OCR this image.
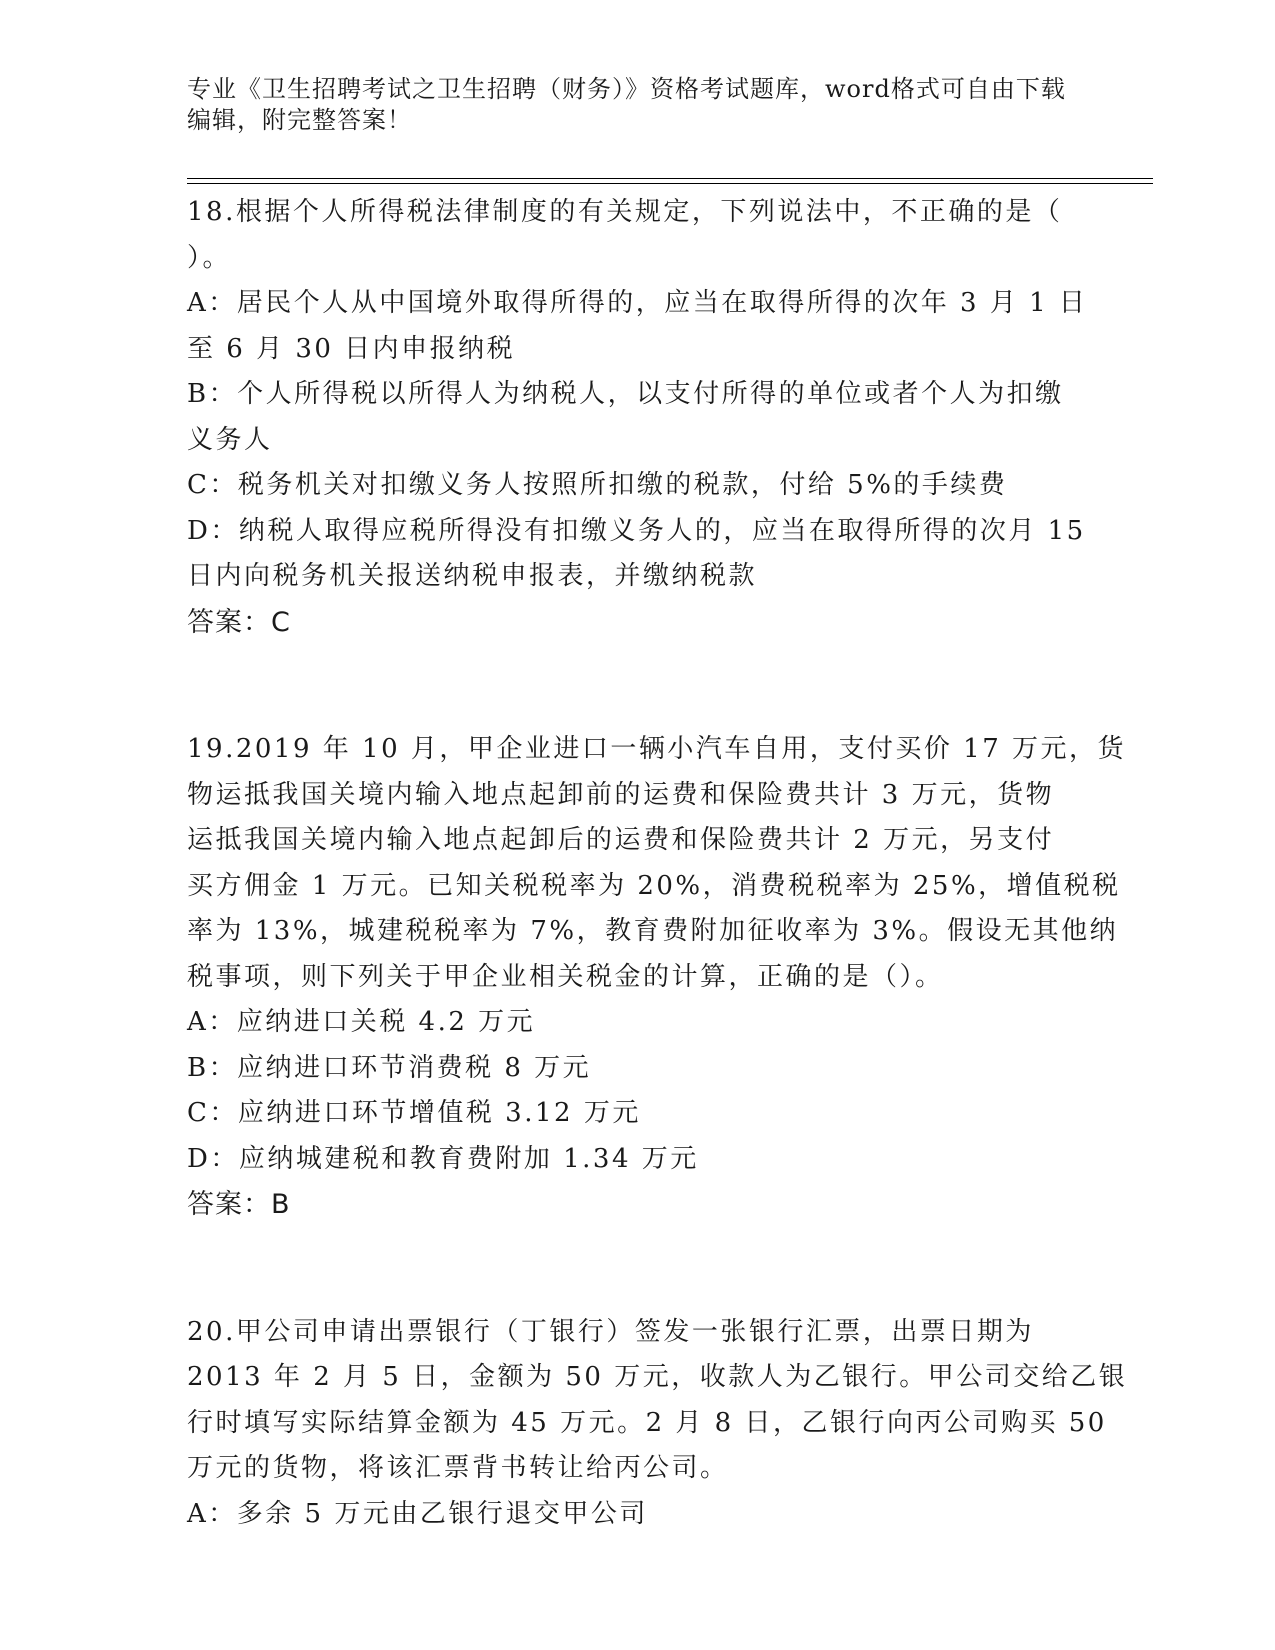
专业《卫生招聘考试之卫生招聘（财务）》资格考试题库，word格式可自由下载
编辑，附完整答案！
18.根据个人所得税法律制度的有关规定，下列说法中，不正确的是（
）。
A：居民个人从中国境外取得所得的，应当在取得所得的次年 3 月 1 日
至 6 月 30 日内申报纳税
B：个人所得税以所得人为纳税人，以支付所得的单位或者个人为扣缴
义务人
C：税务机关对扣缴义务人按照所扣缴的税款，付给 5%的手续费
D：纳税人取得应税所得没有扣缴义务人的，应当在取得所得的次月 15
日内向税务机关报送纳税申报表，并缴纳税款
答案：C
19.2019 年 10 月，甲企业进口一辆小汽车自用，支付买价 17 万元，货
物运抵我国关境内输入地点起卸前的运费和保险费共计 3 万元，货物
运抵我国关境内输入地点起卸后的运费和保险费共计 2 万元，另支付
买方佣金 1 万元。已知关税税率为 20%，消费税税率为 25%，增值税税
率为 13%，城建税税率为 7%，教育费附加征收率为 3%。假设无其他纳
税事项，则下列关于甲企业相关税金的计算，正确的是（）。
A：应纳进口关税 4.2 万元
B：应纳进口环节消费税 8 万元
C：应纳进口环节增值税 3.12 万元
D：应纳城建税和教育费附加 1.34 万元
答案：B
20.甲公司申请出票银行（丁银行）签发一张银行汇票，出票日期为
2013 年 2 月 5 日，金额为 50 万元，收款人为乙银行。甲公司交给乙银
行时填写实际结算金额为 45 万元。2 月 8 日，乙银行向丙公司购买 50
万元的货物，将该汇票背书转让给丙公司。
A：多余 5 万元由乙银行退交甲公司
